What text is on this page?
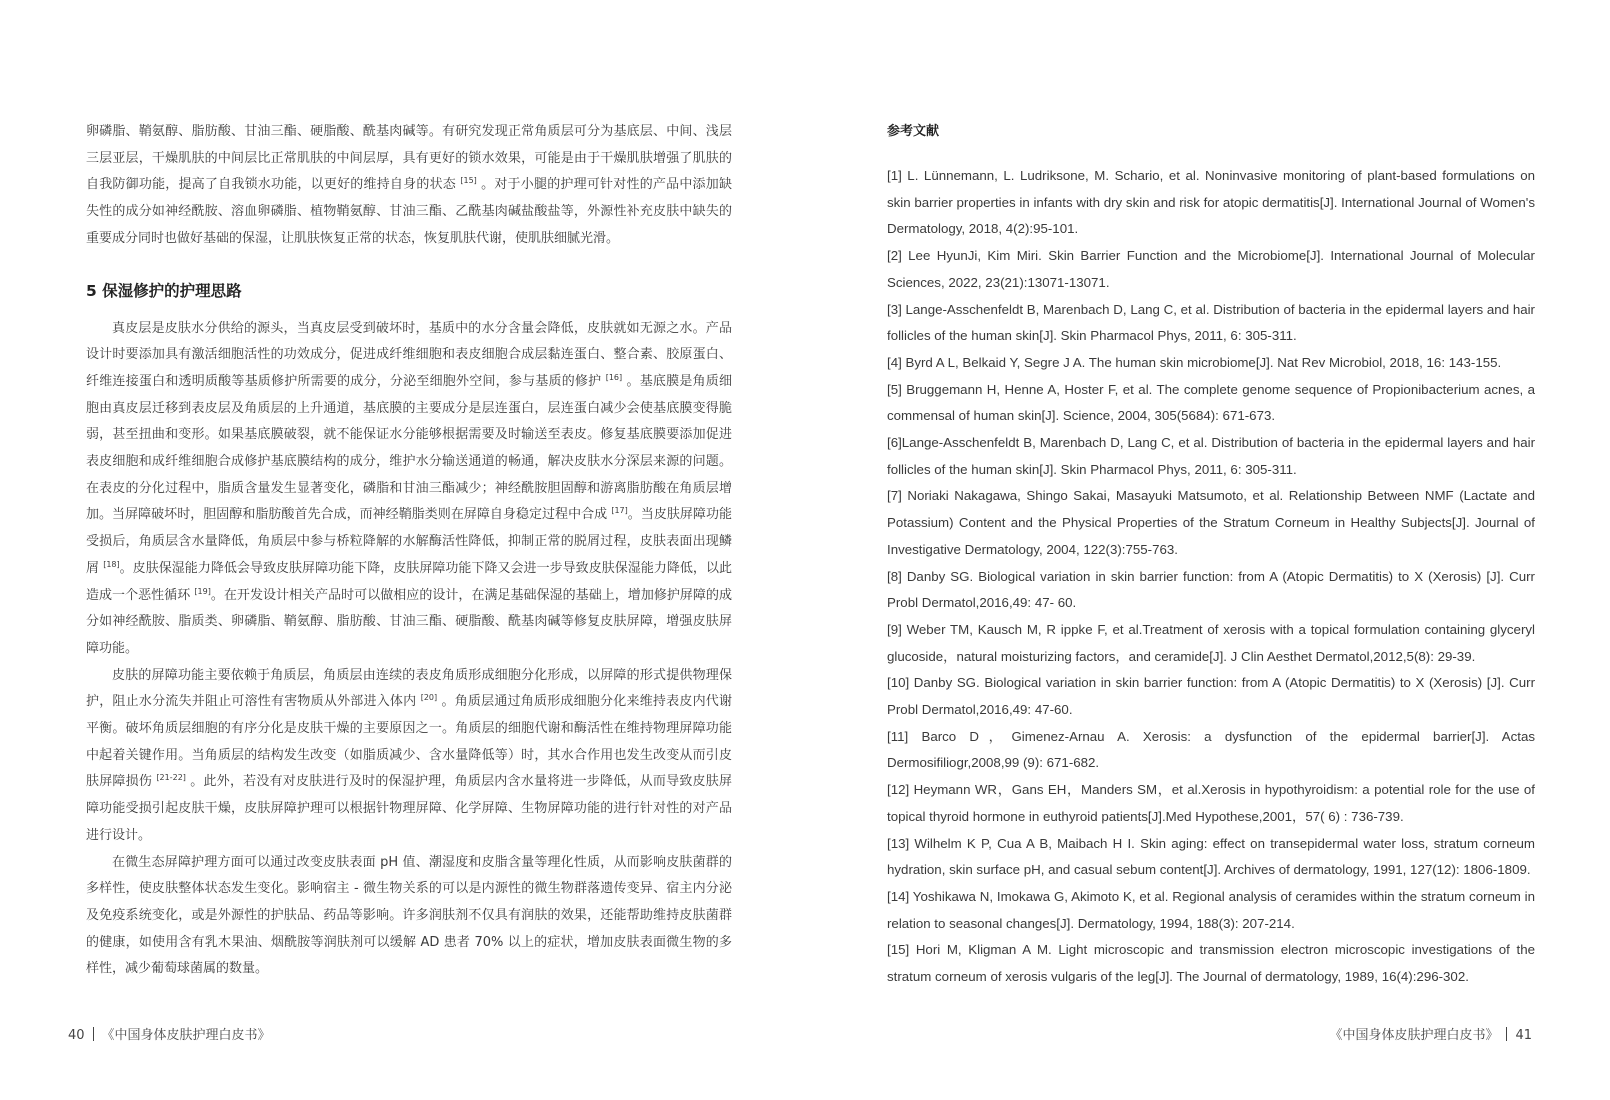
卵磷脂、鞘氨醇、脂肪酸、甘油三酯、硬脂酸、酰基肉碱等。有研究发现正常角质层可分为基底层、中间、浅层三层亚层，干燥肌肤的中间层比正常肌肤的中间层厚，具有更好的锁水效果，可能是由于干燥肌肤增强了肌肤的自我防御功能，提高了自我锁水功能，以更好的维持自身的状态 [15] 。对于小腿的护理可针对性的产品中添加缺失性的成分如神经酰胺、溶血卵磷脂、植物鞘氨醇、甘油三酯、乙酰基肉碱盐酸盐等，外源性补充皮肤中缺失的重要成分同时也做好基础的保湿，让肌肤恢复正常的状态，恢复肌肤代谢，使肌肤细腻光滑。

5 保湿修护的护理思路

真皮层是皮肤水分供给的源头，当真皮层受到破坏时，基质中的水分含量会降低，皮肤就如无源之水。产品设计时要添加具有激活细胞活性的功效成分，促进成纤维细胞和表皮细胞合成层黏连蛋白、整合素、胶原蛋白、纤维连接蛋白和透明质酸等基质修护所需要的成分，分泌至细胞外空间，参与基质的修护 [16] 。基底膜是角质细胞由真皮层迁移到表皮层及角质层的上升通道，基底膜的主要成分是层连蛋白，层连蛋白减少会使基底膜变得脆弱，甚至扭曲和变形。如果基底膜破裂，就不能保证水分能够根据需要及时输送至表皮。修复基底膜要添加促进表皮细胞和成纤维细胞合成修护基底膜结构的成分，维护水分输送通道的畅通，解决皮肤水分深层来源的问题。在表皮的分化过程中，脂质含量发生显著变化，磷脂和甘油三酯减少；神经酰胺胆固醇和游离脂肪酸在角质层增加。当屏障破坏时，胆固醇和脂肪酸首先合成，而神经鞘脂类则在屏障自身稳定过程中合成 [17]。当皮肤屏障功能受损后，角质层含水量降低，角质层中参与桥粒降解的水解酶活性降低，抑制正常的脱屑过程，皮肤表面出现鳞屑 [18]。皮肤保湿能力降低会导致皮肤屏障功能下降，皮肤屏障功能下降又会进一步导致皮肤保湿能力降低，以此造成一个恶性循环 [19]。在开发设计相关产品时可以做相应的设计，在满足基础保湿的基础上，增加修护屏障的成分如神经酰胺、脂质类、卵磷脂、鞘氨醇、脂肪酸、甘油三酯、硬脂酸、酰基肉碱等修复皮肤屏障，增强皮肤屏障功能。

皮肤的屏障功能主要依赖于角质层，角质层由连续的表皮角质形成细胞分化形成，以屏障的形式提供物理保护，阻止水分流失并阻止可溶性有害物质从外部进入体内 [20] 。角质层通过角质形成细胞分化来维持表皮内代谢平衡。破坏角质层细胞的有序分化是皮肤干燥的主要原因之一。角质层的细胞代谢和酶活性在维持物理屏障功能中起着关键作用。当角质层的结构发生改变（如脂质减少、含水量降低等）时，其水合作用也发生改变从而引皮肤屏障损伤 [21-22] 。此外，若没有对皮肤进行及时的保湿护理，角质层内含水量将进一步降低，从而导致皮肤屏障功能受损引起皮肤干燥，皮肤屏障护理可以根据针物理屏障、化学屏障、生物屏障功能的进行针对性的对产品进行设计。

在微生态屏障护理方面可以通过改变皮肤表面 pH 值、潮湿度和皮脂含量等理化性质，从而影响皮肤菌群的多样性，使皮肤整体状态发生变化。影响宿主 - 微生物关系的可以是内源性的微生物群落遗传变异、宿主内分泌及免疫系统变化，或是外源性的护肤品、药品等影响。许多润肤剂不仅具有润肤的效果，还能帮助维持皮肤菌群的健康，如使用含有乳木果油、烟酰胺等润肤剂可以缓解 AD 患者 70% 以上的症状，增加皮肤表面微生物的多样性，减少葡萄球菌属的数量。

40 《中国身体皮肤护理白皮书》
参考文献
[1] L. Lünnemann, L. Ludriksone, M. Schario, et al. Noninvasive monitoring of plant-based formulations on skin barrier properties in infants with dry skin and risk for atopic dermatitis[J]. International Journal of Women's Dermatology, 2018, 4(2):95-101.
[2] Lee HyunJi, Kim Miri. Skin Barrier Function and the Microbiome[J]. International Journal of Molecular Sciences, 2022, 23(21):13071-13071.
[3] Lange-Asschenfeldt B, Marenbach D, Lang C, et al. Distribution of bacteria in the epidermal layers and hair follicles of the human skin[J]. Skin Pharmacol Phys, 2011, 6: 305-311.
[4] Byrd A L, Belkaid Y, Segre J A. The human skin microbiome[J]. Nat Rev Microbiol, 2018, 16: 143-155.
[5] Bruggemann H, Henne A, Hoster F, et al. The complete genome sequence of Propionibacterium acnes, a commensal of human skin[J]. Science, 2004, 305(5684): 671-673.
[6]Lange-Asschenfeldt B, Marenbach D, Lang C, et al. Distribution of bacteria in the epidermal layers and hair follicles of the human skin[J]. Skin Pharmacol Phys, 2011, 6: 305-311.
[7] Noriaki Nakagawa, Shingo Sakai, Masayuki Matsumoto, et al. Relationship Between NMF (Lactate and Potassium) Content and the Physical Properties of the Stratum Corneum in Healthy Subjects[J]. Journal of Investigative Dermatology, 2004, 122(3):755-763.
[8] Danby SG. Biological variation in skin barrier function: from A (Atopic Dermatitis) to X (Xerosis) [J]. Curr Probl Dermatol,2016,49: 47- 60.
[9] Weber TM, Kausch M, R ippke F, et al.Treatment of xerosis with a topical formulation containing glyceryl glucoside，natural moisturizing factors，and ceramide[J]. J Clin Aesthet Dermatol,2012,5(8): 29-39.
[10] Danby SG. Biological variation in skin barrier function: from A (Atopic Dermatitis) to X (Xerosis) [J]. Curr Probl Dermatol,2016,49: 47-60.
[11] Barco D，Gimenez-Arnau A. Xerosis: a dysfunction of the epidermal barrier[J]. Actas Dermosifiliogr,2008,99 (9): 671-682.
[12] Heymann WR，Gans EH，Manders SM，et al.Xerosis in hypothyroidism: a potential role for the use of topical thyroid hormone in euthyroid patients[J].Med Hypothese,2001，57( 6) : 736-739.
[13] Wilhelm K P, Cua A B, Maibach H I. Skin aging: effect on transepidermal water loss, stratum corneum hydration, skin surface pH, and casual sebum content[J]. Archives of dermatology, 1991, 127(12): 1806-1809.
[14] Yoshikawa N, Imokawa G, Akimoto K, et al. Regional analysis of ceramides within the stratum corneum in relation to seasonal changes[J]. Dermatology, 1994, 188(3): 207-214.
[15] Hori M, Kligman A M. Light microscopic and transmission electron microscopic investigations of the stratum corneum of xerosis vulgaris of the leg[J]. The Journal of dermatology, 1989, 16(4):296-302.
《中国身体皮肤护理白皮书》 41
